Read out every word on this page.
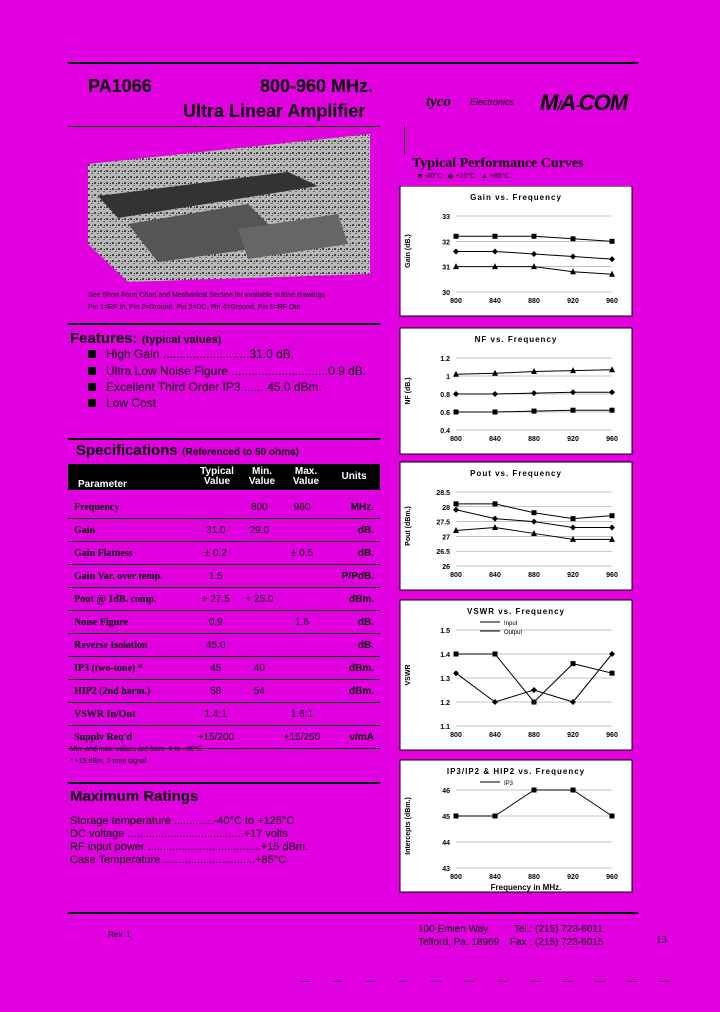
PA1066	800-960 MHz.
Ultra Linear Amplifier	tyco Electronics M/A-COM
See Short Form Chart and Mechanical Section for available outline drawings
Pin 1=RF In, Pin 2=Ground, Pin 3=DC, Pin 4=Ground, Pin 5=RF Out
Features: (typical values)
High Gain ..........................31.0 dB.
Ultra Low Noise Figure .............................0.9 dB.
Excellent Third Order IP3 .......45.0 dBm.
Low Cost
Specifications (Referenced to 50 ohms)
Parameter	Typical Value	Min. Value	Max. Value	Units
Frequency		800	960	MHz.
Gain	31.0	29.0		dB.
Gain Flatness	± 0.2		± 0.5	dB.
Gain Var. over temp.	1.5			P/PdB.
Pout @ 1dB. comp.	+ 27.5	+ 25.0		dBm.
Noise Figure	0.9		1.6	dB.
Reverse Isolation	45.0			dB.
IP3 (two-tone) *	45	40		dBm.
HIP2 (2nd harm.)	58	54		dBm.
VSWR In/Out	1.4:1		1.6:1	
Supply Req'd	+15/200		+15/250	v/mA
Min. and max. values are from -0 to +85°C
* +15 dBm, 2 tone signal
Maximum Ratings
Storage temperature .............-40°C to +125°C
DC voltage ......................................+17 volts
RF input power .....................................+15 dBm.
Case Temperature ..............................+85°C
Typical Performance Curves
■ -40°C   ◆ +25°C   ▲ +85°C
Gain vs. Frequency
Gain (dB.)
30
31
32
33
800	840	880	920	960
NF vs. Frequency
NF (dB.)
0.4
0.6
0.8
1
1.2
800	840	880	920	960
Pout vs. Frequency
Pout (dBm.)
26
26.5
27
27.5
28
28.5
800	840	880	920	960
VSWR vs. Frequency
VSWR
1.1
1.2
1.3
1.4
1.5
800	840	880	920	960
Input
Output
IP3/IP2 & HIP2 vs. Frequency
Intercepts (dBm.)
43
44
45
46
800	840	880	920	960
Frequency in MHz.
IP3
Rev. 1	100 Emlen Way
Telford, Pa. 18969
Tel.: (215) 723-6011
Fax : (215) 723-6015	13
— — — — — — — — — — — —
